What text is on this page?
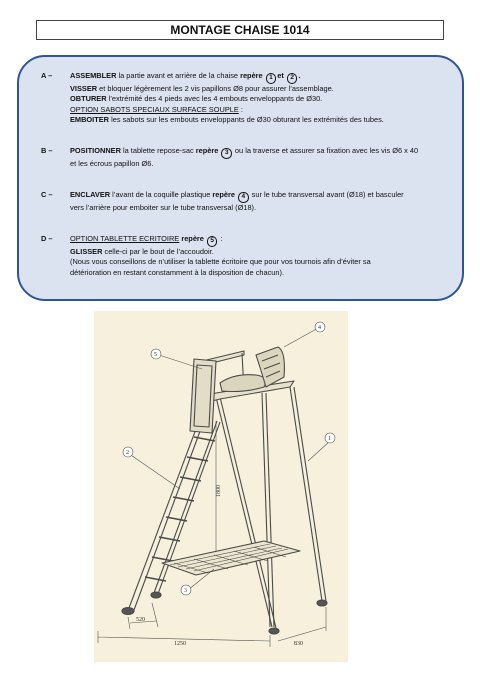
MONTAGE CHAISE 1014
A –	ASSEMBLER la partie avant et arrière de la chaise repère 1 et 2 .
VISSER et bloquer légèrement les 2 vis papillons Ø8 pour assurer l’assemblage.
OBTURER l’extrémité des 4 pieds avec les 4 embouts enveloppants de Ø30.
OPTION SABOTS SPECIAUX SURFACE SOUPLE :
EMBOITER les sabots sur les embouts enveloppants de Ø30 obturant les extrémités des tubes.
B –	POSITIONNER la tablette repose-sac repère 3 ou la traverse et assurer sa fixation avec les vis Ø6 x 40
et les écrous papillon Ø6.
C –	ENCLAVER l’avant de la coquille plastique repère 4 sur le tube transversal avant (Ø18) et basculer
vers l’arrière pour emboiter sur le tube transversal (Ø18).
D –	OPTION TABLETTE ECRITOIRE repère 5 :
GLISSER celle-ci par le bout de l’accoudoir.
(Nous vous conseillons de n’utiliser la tablette écritoire que pour vos tournois afin d’éviter sa
détérioration en restant constamment à la disposition de chacun).
1800
520
1250	830
4
5
1
2
3
